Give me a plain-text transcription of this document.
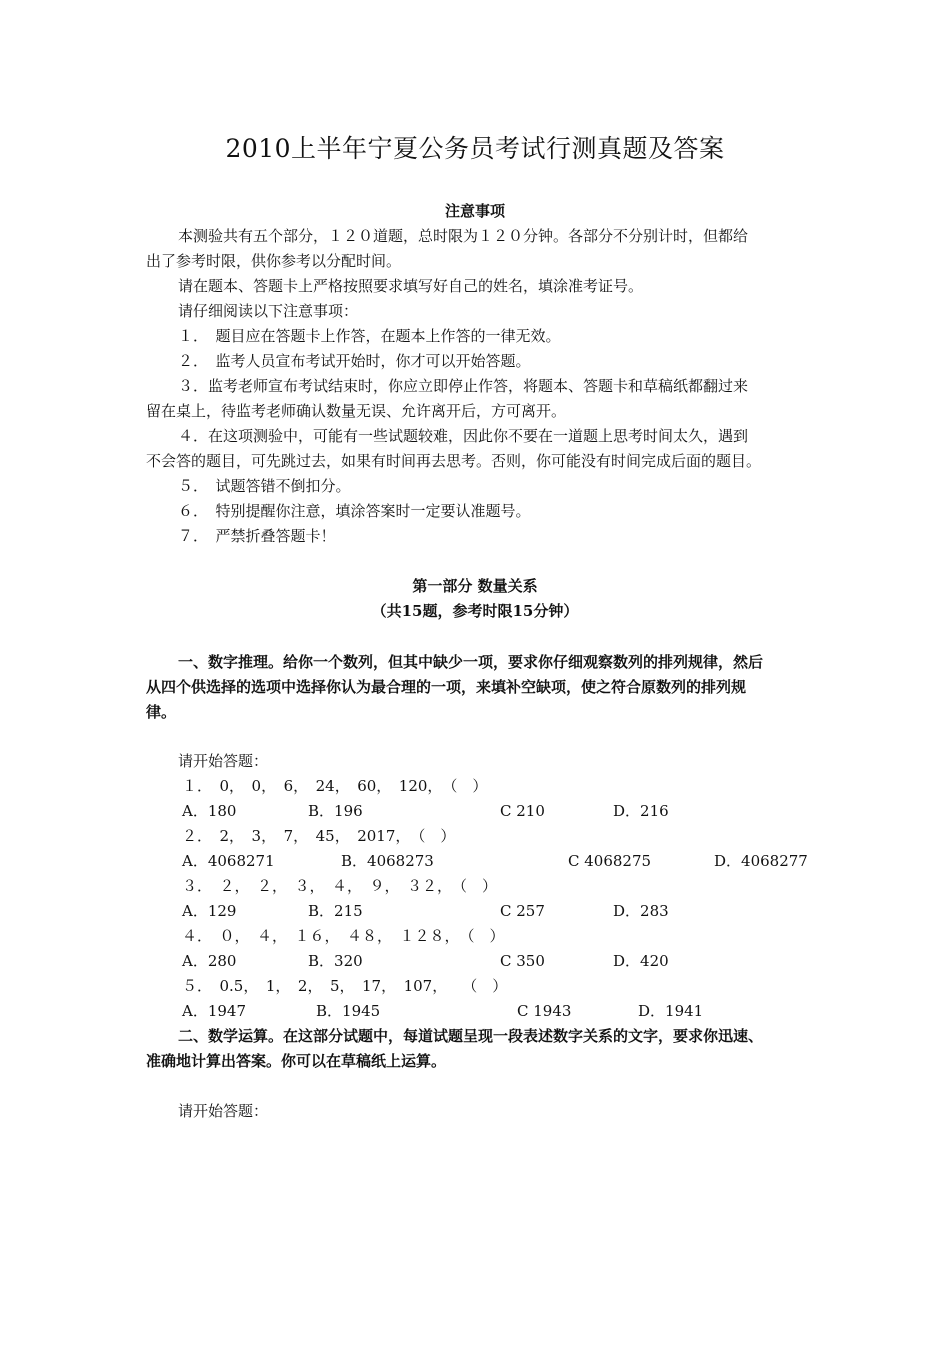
2010上半年宁夏公务员考试行测真题及答案
注意事项
本测验共有五个部分，１２０道题，总时限为１２０分钟。各部分不分别计时，但都给
出了参考时限，供你参考以分配时间。
请在题本、答题卡上严格按照要求填写好自己的姓名，填涂准考证号。
请仔细阅读以下注意事项：
１．　题目应在答题卡上作答，在题本上作答的一律无效。
２．　监考人员宣布考试开始时，你才可以开始答题。
３．监考老师宣布考试结束时，你应立即停止作答，将题本、答题卡和草稿纸都翻过来
留在桌上，待监考老师确认数量无误、允许离开后，方可离开。
４．在这项测验中，可能有一些试题较难，因此你不要在一道题上思考时间太久，遇到
不会答的题目，可先跳过去，如果有时间再去思考。否则，你可能没有时间完成后面的题目。
５．　试题答错不倒扣分。
６．　特别提醒你注意，填涂答案时一定要认准题号。
７．　严禁折叠答题卡！
第一部分 数量关系
（共15题，参考时限15分钟）
一、数字推理。给你一个数列，但其中缺少一项，要求你仔细观察数列的排列规律，然后
从四个供选择的选项中选择你认为最合理的一项，来填补空缺项，使之符合原数列的排列规
律。
请开始答题：
１．　0，　0，　6，　24，　60，　120，　（　）
A．180	B．196	C 210	D．216
２．　2，　3，　7，　45，　2017，　（　）
A．4068271	B．4068273	C 4068275	D．4068277
３．　２，　２，　３，　４，　９，　３２，　（　）
A．129	B．215	C 257	D．283
４．　０，　４，　１６，　４８，　１２８，　（　）
A．280	B．320	C 350	D．420
５．　0.5，　1，　2，　5，　17，　107，　　（　）
A．1947	B．1945	C 1943	D．1941
二、数学运算。在这部分试题中，每道试题呈现一段表述数字关系的文字，要求你迅速、
准确地计算出答案。你可以在草稿纸上运算。
请开始答题：
